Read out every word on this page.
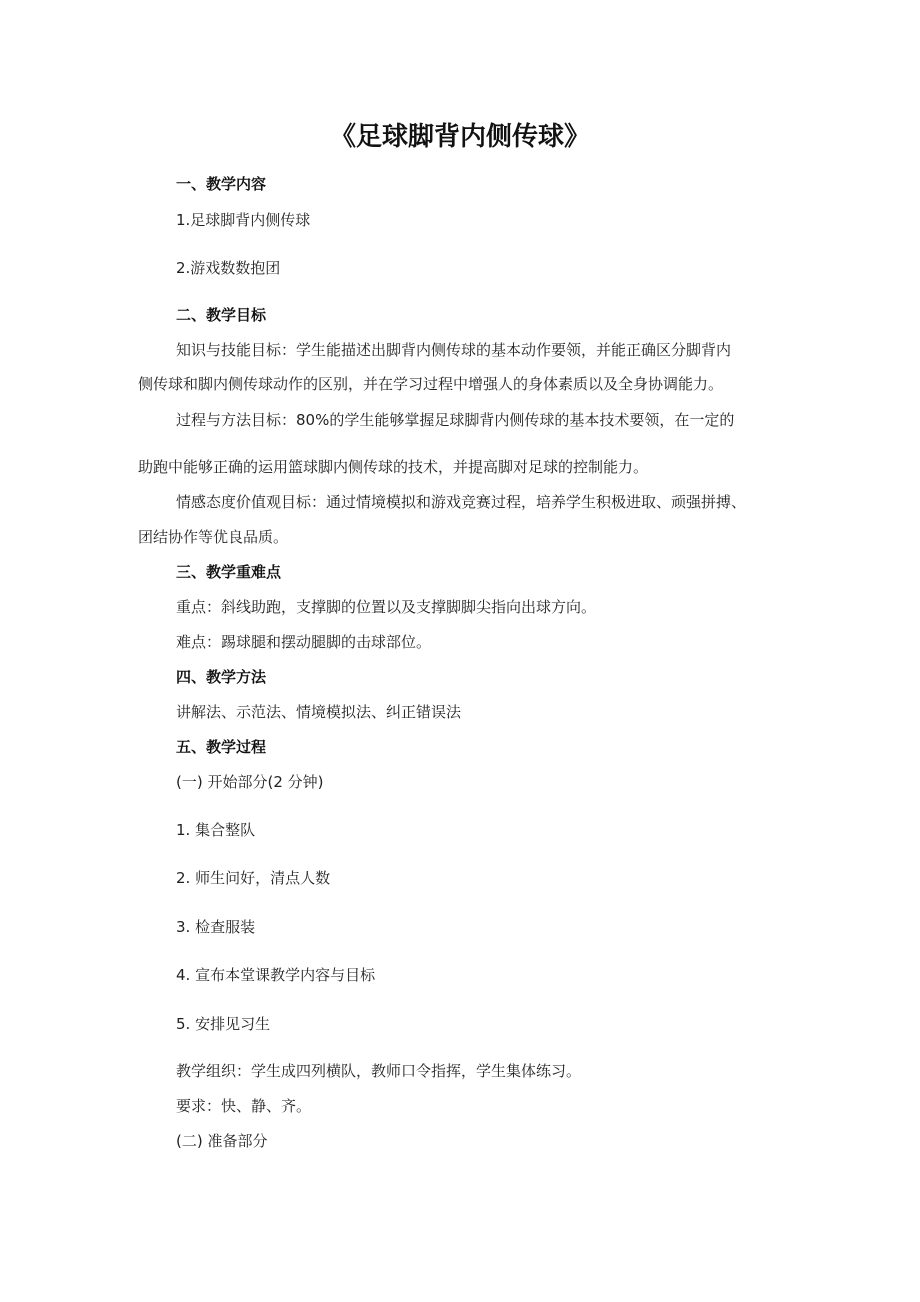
《足球脚背内侧传球》
一、教学内容
1.足球脚背内侧传球
2.游戏数数抱团
二、教学目标
知识与技能目标：学生能描述出脚背内侧传球的基本动作要领，并能正确区分脚背内
侧传球和脚内侧传球动作的区别，并在学习过程中增强人的身体素质以及全身协调能力。
过程与方法目标：80%的学生能够掌握足球脚背内侧传球的基本技术要领，在一定的
助跑中能够正确的运用篮球脚内侧传球的技术，并提高脚对足球的控制能力。
情感态度价值观目标：通过情境模拟和游戏竞赛过程，培养学生积极进取、顽强拼搏、
团结协作等优良品质。
三、教学重难点
重点：斜线助跑，支撑脚的位置以及支撑脚脚尖指向出球方向。
难点：踢球腿和摆动腿脚的击球部位。
四、教学方法
讲解法、示范法、情境模拟法、纠正错误法
五、教学过程
(一) 开始部分(2 分钟)
1. 集合整队
2. 师生问好，清点人数
3. 检查服装
4. 宣布本堂课教学内容与目标
5. 安排见习生
教学组织：学生成四列横队，教师口令指挥，学生集体练习。
要求：快、静、齐。
(二) 准备部分
